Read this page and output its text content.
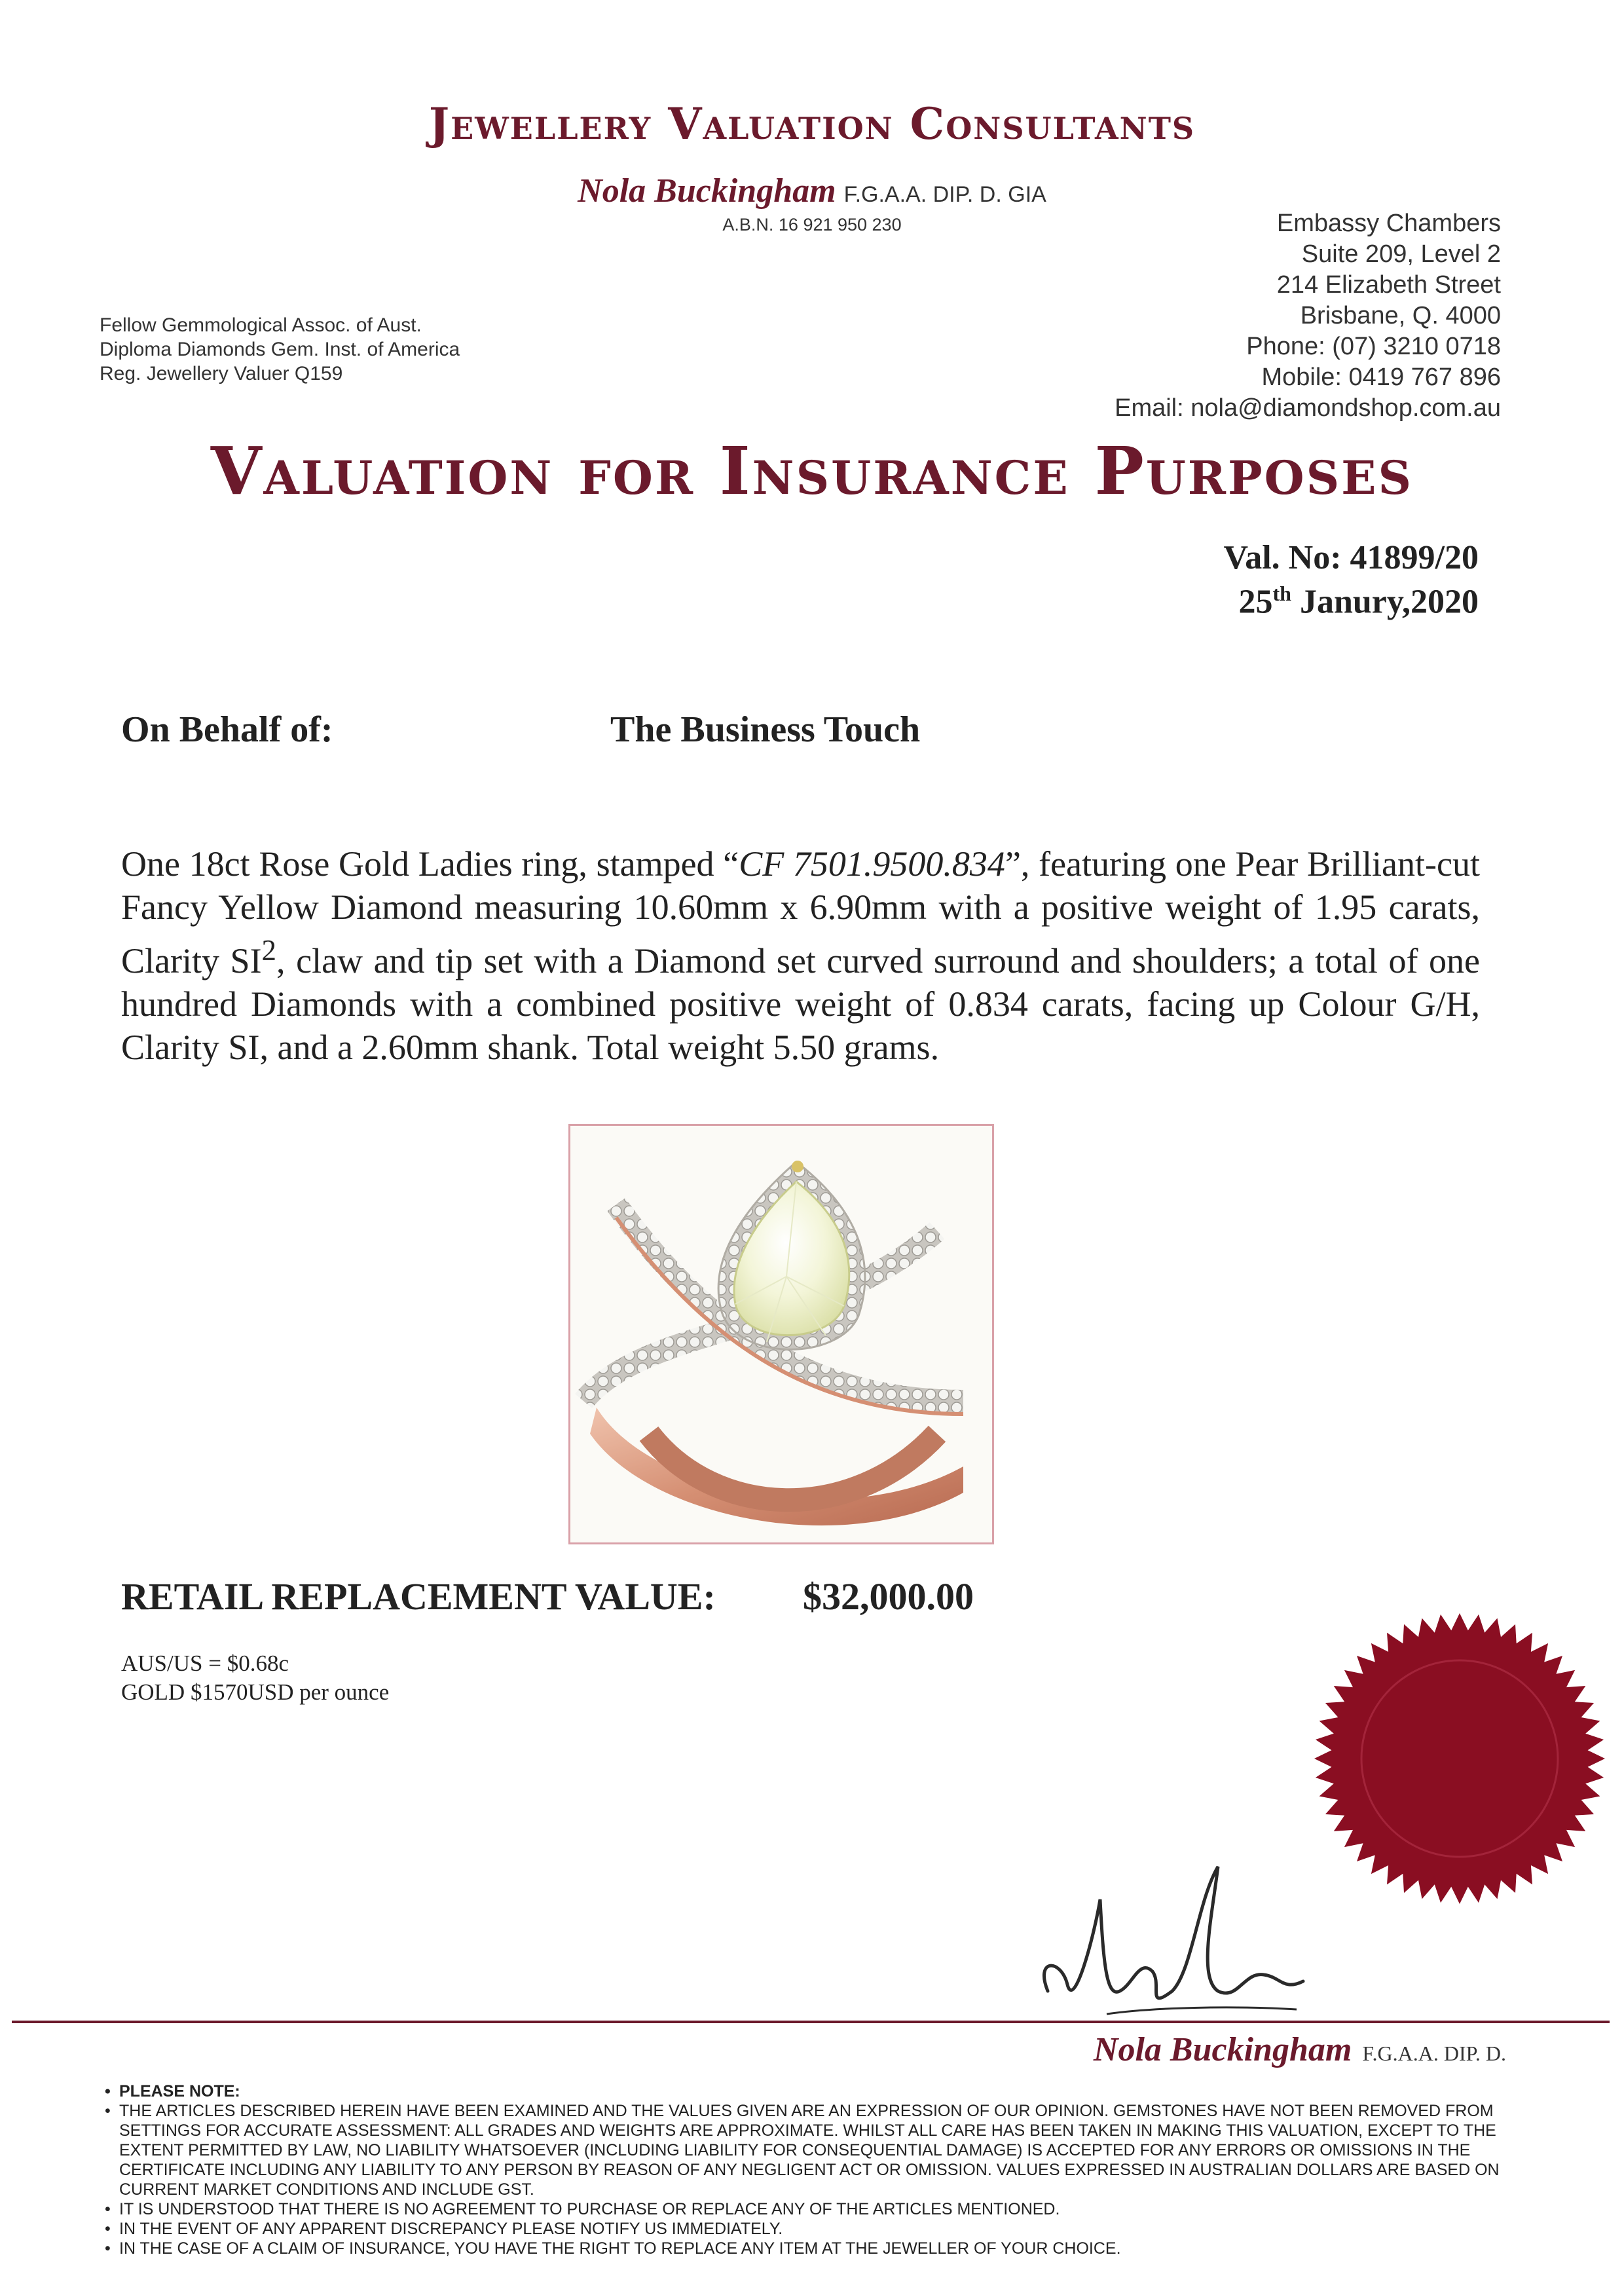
Jewellery Valuation Consultants
Nola Buckingham F.G.A.A. DIP. D. GIA
A.B.N. 16 921 950 230
Fellow Gemmological Assoc. of Aust.
Diploma Diamonds Gem. Inst. of America
Reg. Jewellery Valuer Q159
Embassy Chambers
Suite 209, Level 2
214 Elizabeth Street
Brisbane, Q. 4000
Phone: (07) 3210 0718
Mobile: 0419 767 896
Email: nola@diamondshop.com.au
Valuation for Insurance Purposes
Val. No: 41899/20
25th Janury,2020
On Behalf of:	The Business Touch
One 18ct Rose Gold Ladies ring, stamped “CF 7501.9500.834”, featuring one Pear Brilliant-cut Fancy Yellow Diamond measuring 10.60mm x 6.90mm with a positive weight of 1.95 carats, Clarity $SI^2$, claw and tip set with a Diamond set curved surround and shoulders; a total of one hundred Diamonds with a combined positive weight of 0.834 carats, facing up Colour G/H, Clarity SI, and a 2.60mm shank. Total weight 5.50 grams.
RETAIL REPLACEMENT VALUE: $32,000.00
AUS/US = $0.68c
GOLD $1570USD per ounce
Nola Buckingham F.G.A.A. DIP. D.
• PLEASE NOTE:
• THE ARTICLES DESCRIBED HEREIN HAVE BEEN EXAMINED AND THE VALUES GIVEN ARE AN EXPRESSION OF OUR OPINION. GEMSTONES HAVE NOT BEEN REMOVED FROM SETTINGS FOR ACCURATE ASSESSMENT: ALL GRADES AND WEIGHTS ARE APPROXIMATE. WHILST ALL CARE HAS BEEN TAKEN IN MAKING THIS VALUATION, EXCEPT TO THE EXTENT PERMITTED BY LAW, NO LIABILITY WHATSOEVER (INCLUDING LIABILITY FOR CONSEQUENTIAL DAMAGE) IS ACCEPTED FOR ANY ERRORS OR OMISSIONS IN THE CERTIFICATE INCLUDING ANY LIABILITY TO ANY PERSON BY REASON OF ANY NEGLIGENT ACT OR OMISSION. VALUES EXPRESSED IN AUSTRALIAN DOLLARS ARE BASED ON CURRENT MARKET CONDITIONS AND INCLUDE GST.
• IT IS UNDERSTOOD THAT THERE IS NO AGREEMENT TO PURCHASE OR REPLACE ANY OF THE ARTICLES MENTIONED.
• IN THE EVENT OF ANY APPARENT DISCREPANCY PLEASE NOTIFY US IMMEDIATELY.
• IN THE CASE OF A CLAIM OF INSURANCE, YOU HAVE THE RIGHT TO REPLACE ANY ITEM AT THE JEWELLER OF YOUR CHOICE.
